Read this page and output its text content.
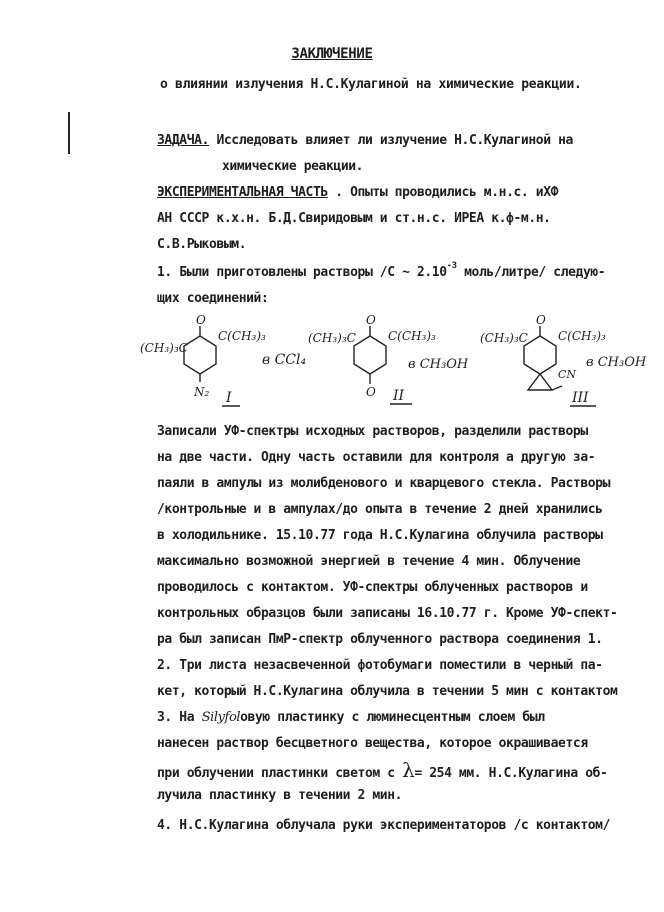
ЗАКЛЮЧЕНИЕ
о влиянии излучения Н.С.Кулагиной на химические реакции.
ЗАДАЧА. Исследовать влияет ли излучение Н.С.Кулагиной на
химические реакции.
ЭКСПЕРИМЕНТАЛЬНАЯ ЧАСТЬ . Опыты проводились м.н.с. иХФ
АН СССР к.х.н. Б.Д.Свиридовым и ст.н.с. ИРЕА к.ф-м.н.
С.В.Рыковым.
1. Были приготовлены растворы /С ~ $2.10^{-3}$ моль/литре/ следую-
щих соединений:
O
(CH₃)₃C
C(CH₃)₃
N₂
в CCl₄
I
O
(CH₃)₃C	C(CH₃)₃
O
в CH₃OH
II
O
(CH₃)₃C	C(CH₃)₃
CN
в CH₃OH
III
Записали УФ-спектры исходных растворов, разделили растворы
на две части. Одну часть оставили для контроля а другую за-
паяли в ампулы из молибденового и кварцевого стекла. Растворы
/контрольные и в ампулах/до опыта в течение 2 дней хранились
в холодильнике. 15.10.77 года Н.С.Кулагина облучила растворы
максимально возможной энергией в течение 4 мин. Облучение
проводилось с контактом. УФ-спектры облученных растворов и
контрольных образцов были записаны 16.10.77 г. Кроме УФ-спект-
ра был записан ПмР-спектр облученного раствора соединения 1.
2. Три листа незасвеченной фотобумаги поместили в черный па-
кет, который Н.С.Кулагина облучила в течении 5 мин с контактом
3. На Silyfolовую пластинку с люминесцентным слоем был
нанесен раствор бесцветного вещества, которое окрашивается
при облучении пластинки светом с λ= 254 мм. Н.С.Кулагина об-
лучила пластинку в течении 2 мин.
4. Н.С.Кулагина облучала руки экспериментаторов /с контактом/
